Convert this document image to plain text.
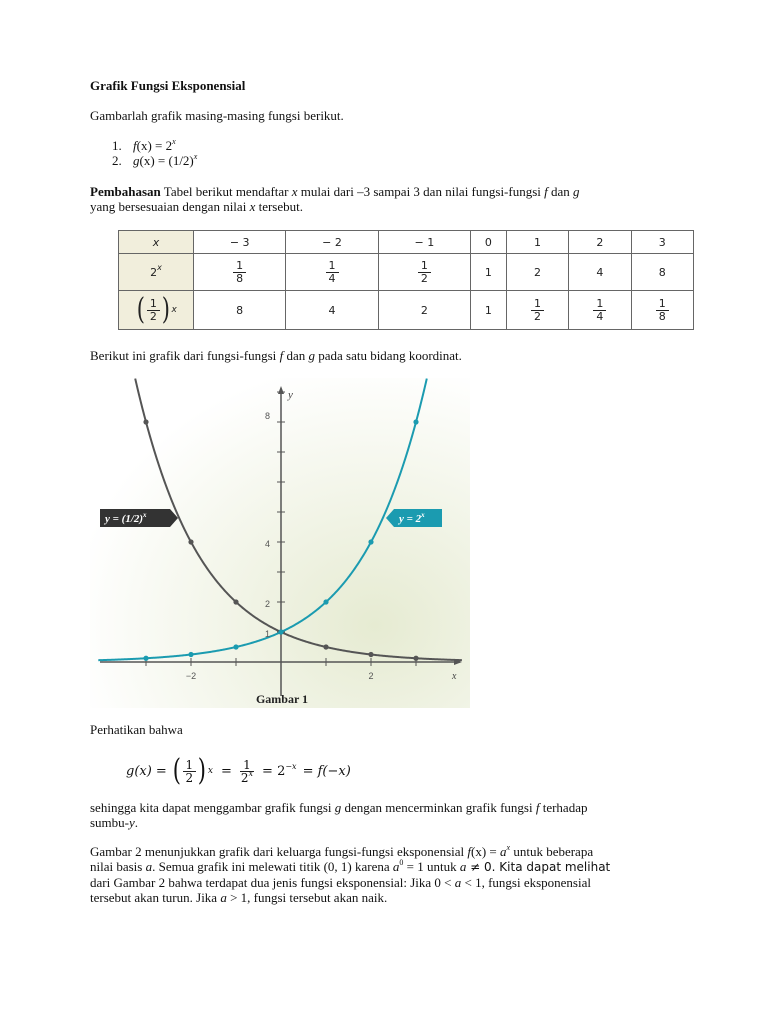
Grafik Fungsi Eksponensial
Gambarlah grafik masing-masing fungsi berikut.
1. $f(x) = 2^x$
2. $g(x) = (1/2)^x$
Pembahasan Tabel berikut mendaftar x mulai dari –3 sampai 3 dan nilai fungsi-fungsi f dan g
yang bersesuaian dengan nilai x tersebut.
x	− 3	− 2	− 1	0	1	2	3
2$^x$	$\frac{1}{8}$	$\frac{1}{4}$	$\frac{1}{2}$	1	2	4	8

( $\frac{1}{2}$ ) x	8	4	2	1	$\frac{1}{2}$	$\frac{1}{4}$	$\frac{1}{8}$
Berikut ini grafik dari fungsi-fungsi f dan g pada satu bidang koordinat.
y
x
8
4
2
1
−2	2
$y = (1/2)^x$	$y = 2^x$
Gambar 1
Perhatikan bahwa
g(x) = ( $\frac{1}{2}$ ) $x = \frac{1}{2^x} = 2^{-x} = f(-x)$
sehingga kita dapat menggambar grafik fungsi g dengan mencerminkan grafik fungsi f terhadap
sumbu-y.
Gambar 2 menunjukkan grafik dari keluarga fungsi-fungsi eksponensial $f(x) = a^x$ untuk beberapa
nilai basis a. Semua grafik ini melewati titik (0, 1) karena $a^0 = 1$ untuk a ≠ 0. Kita dapat melihat
dari Gambar 2 bahwa terdapat dua jenis fungsi eksponensial: Jika 0 < a < 1, fungsi eksponensial
tersebut akan turun. Jika a > 1, fungsi tersebut akan naik.
